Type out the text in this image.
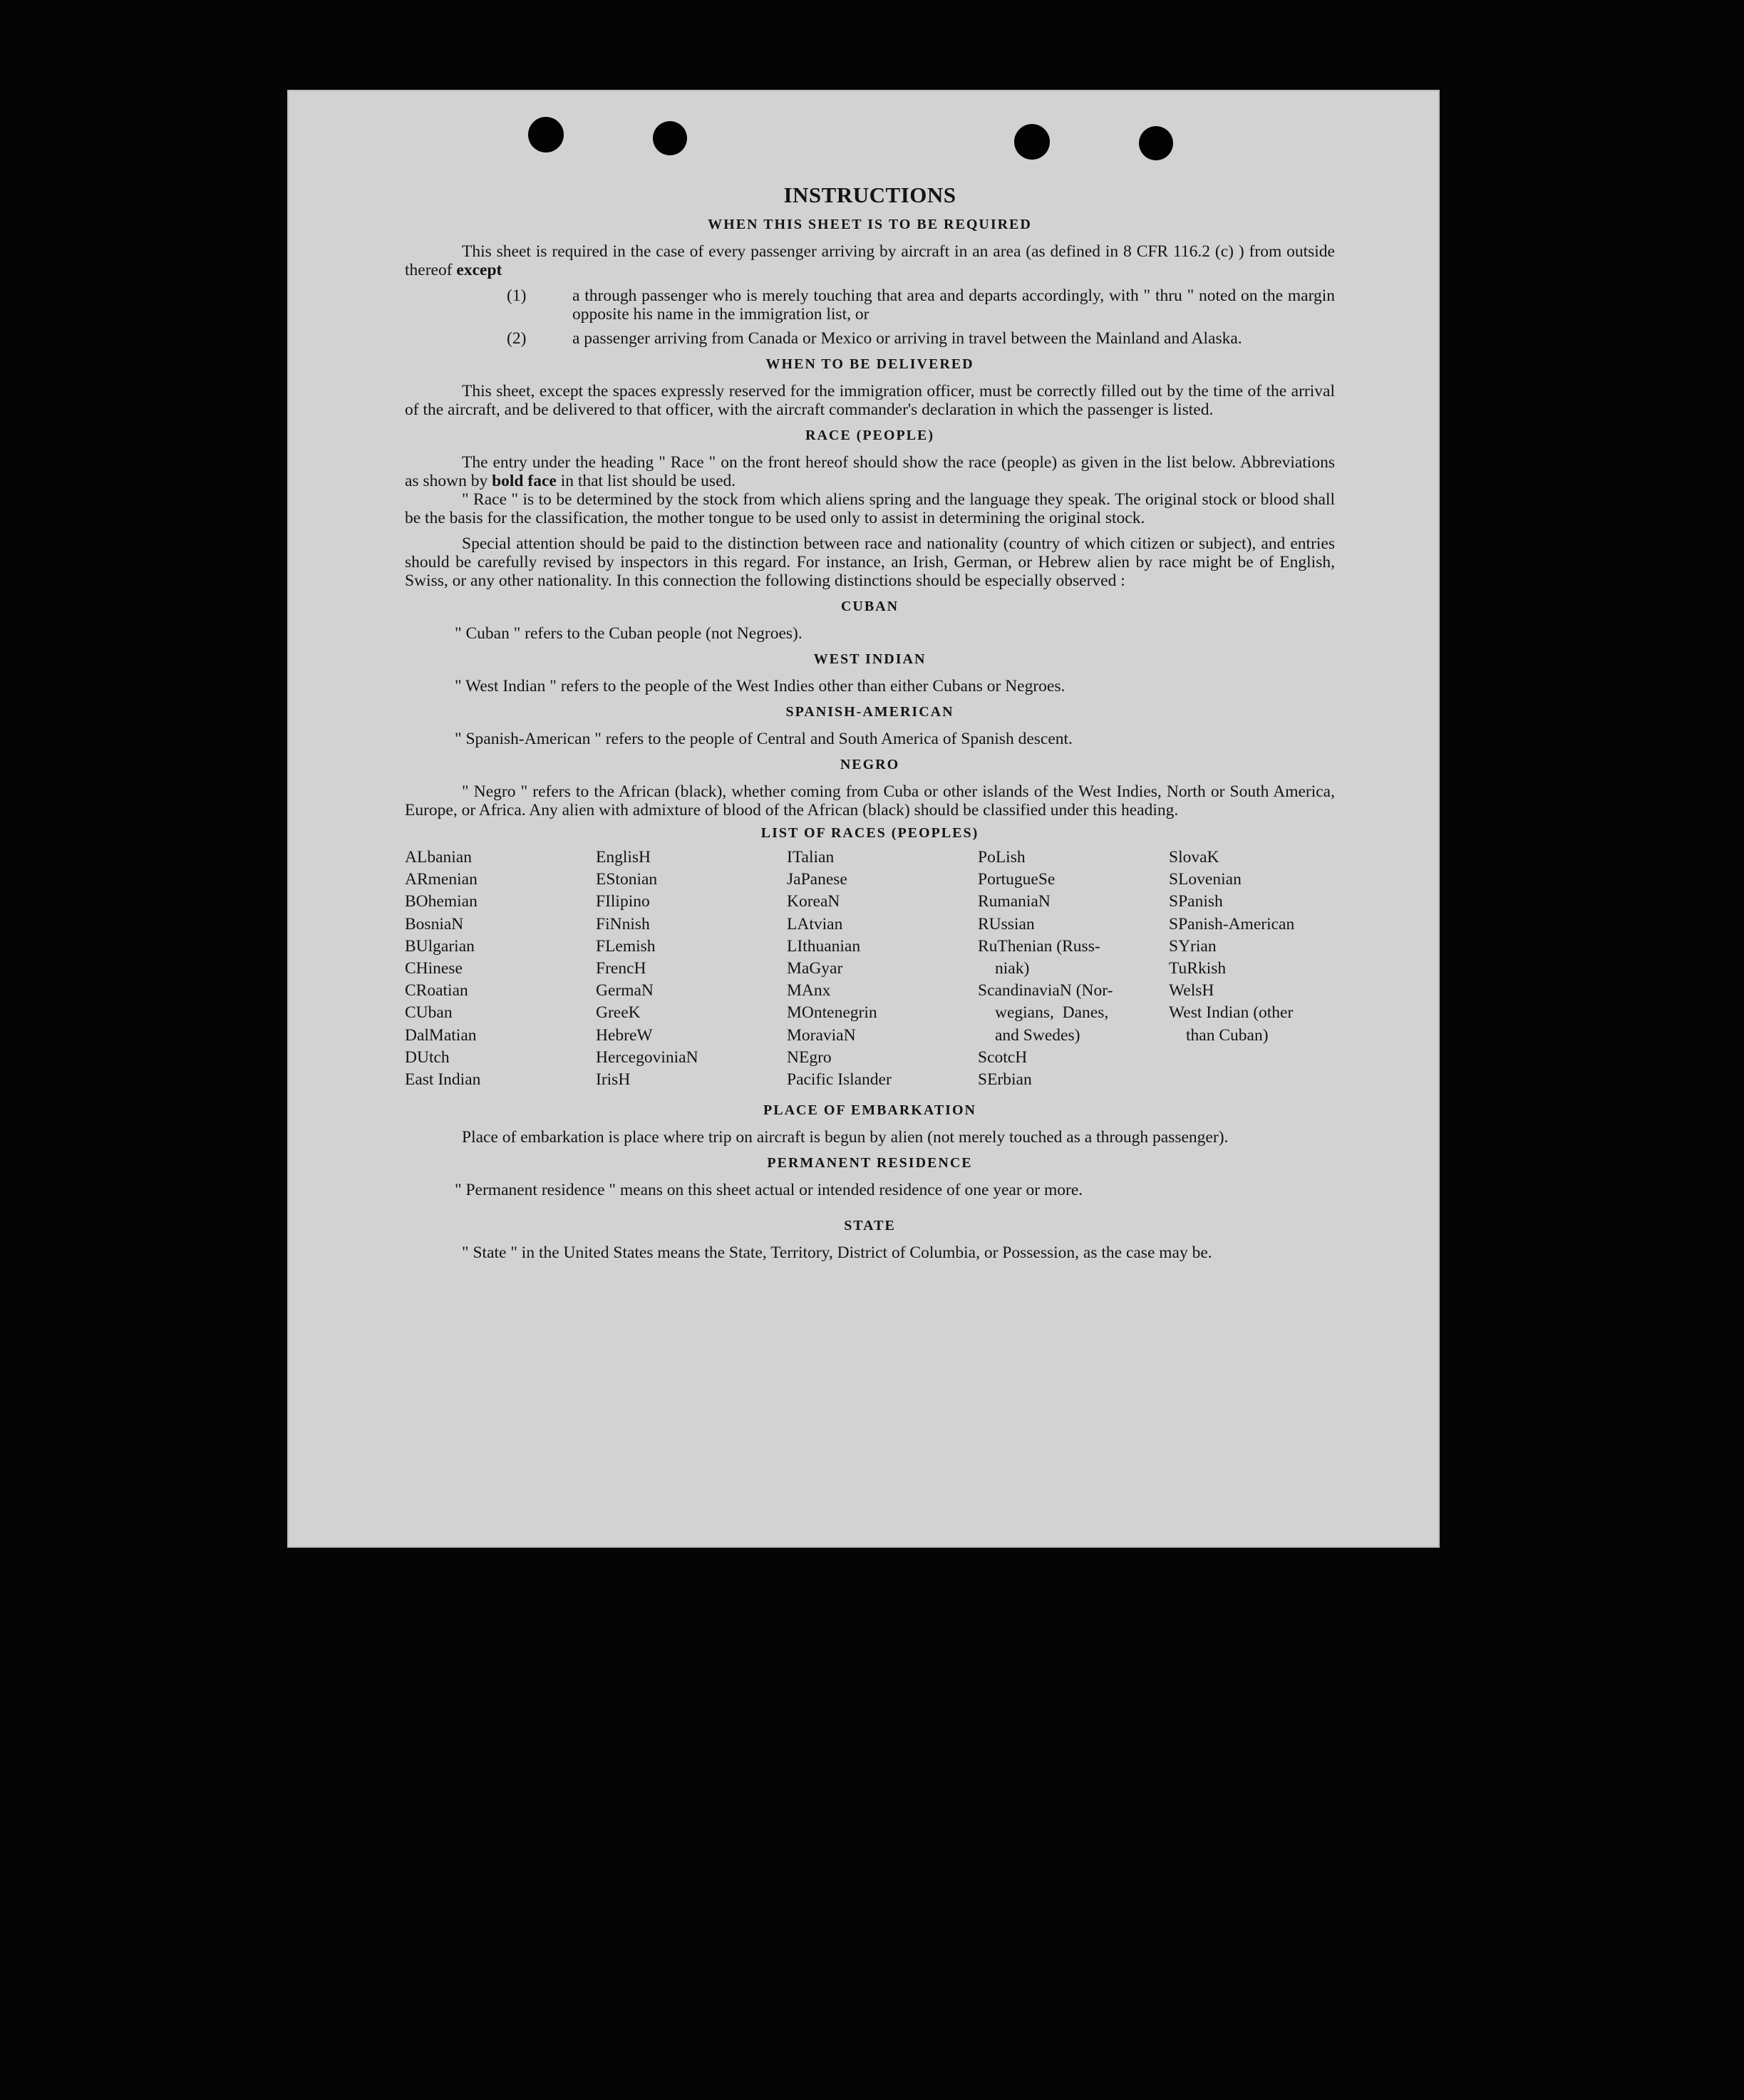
INSTRUCTIONS
WHEN THIS SHEET IS TO BE REQUIRED

This sheet is required in the case of every passenger arriving by aircraft in an area (as defined in 8 CFR 116.2 (c) ) from outside thereof except

(1)	a through passenger who is merely touching that area and departs accordingly, with " thru " noted on the margin opposite his name in the immigration list, or

(2)	a passenger arriving from Canada or Mexico or arriving in travel between the Mainland and Alaska.

WHEN TO BE DELIVERED

This sheet, except the spaces expressly reserved for the immigration officer, must be correctly filled out by the time of the arrival of the aircraft, and be delivered to that officer, with the aircraft commander's declaration in which the passenger is listed.

RACE (PEOPLE)

The entry under the heading " Race " on the front hereof should show the race (people) as given in the list below. Abbreviations as shown by bold face in that list should be used.

" Race " is to be determined by the stock from which aliens spring and the language they speak. The original stock or blood shall be the basis for the classification, the mother tongue to be used only to assist in determining the original stock.

Special attention should be paid to the distinction between race and nationality (country of which citizen or subject), and entries should be carefully revised by inspectors in this regard. For instance, an Irish, German, or Hebrew alien by race might be of English, Swiss, or any other nationality. In this connection the following distinctions should be especially observed :

CUBAN

" Cuban " refers to the Cuban people (not Negroes).

WEST INDIAN

" West Indian " refers to the people of the West Indies other than either Cubans or Negroes.

SPANISH-AMERICAN

" Spanish-American " refers to the people of Central and South America of Spanish descent.

NEGRO

" Negro " refers to the African (black), whether coming from Cuba or other islands of the West Indies, North or South America, Europe, or Africa. Any alien with admixture of blood of the African (black) should be classified under this heading.

LIST OF RACES (PEOPLES)
ALbanian
ARmenian
BOhemian
BosniaN
BUlgarian
CHinese
CRoatian
CUban
DalMatian
DUtch
East Indian
EnglisH
EStonian
FIlipino
FiNnish
FLemish
FrencH
GermaN
GreeK
HebreW
HercegoviniaN
IrisH
ITalian
JaPanese
KoreaN
LAtvian
LIthuanian
MaGyar
MAnx
MOntenegrin
MoraviaN
NEgro
Pacific Islander
PoLish
PortugueSe
RumaniaN
RUssian
RuThenian (Russ-
niak)
ScandinaviaN (Nor-
wegians,  Danes,
and Swedes)
ScotcH
SErbian
SlovaK
SLovenian
SPanish
SPanish-American
SYrian
TuRkish
WelsH
West Indian (other
than Cuban)
PLACE OF EMBARKATION

Place of embarkation is place where trip on aircraft is begun by alien (not merely touched as a through passenger).

PERMANENT RESIDENCE

" Permanent residence " means on this sheet actual or intended residence of one year or more.

STATE

" State " in the United States means the State, Territory, District of Columbia, or Possession, as the case may be.
